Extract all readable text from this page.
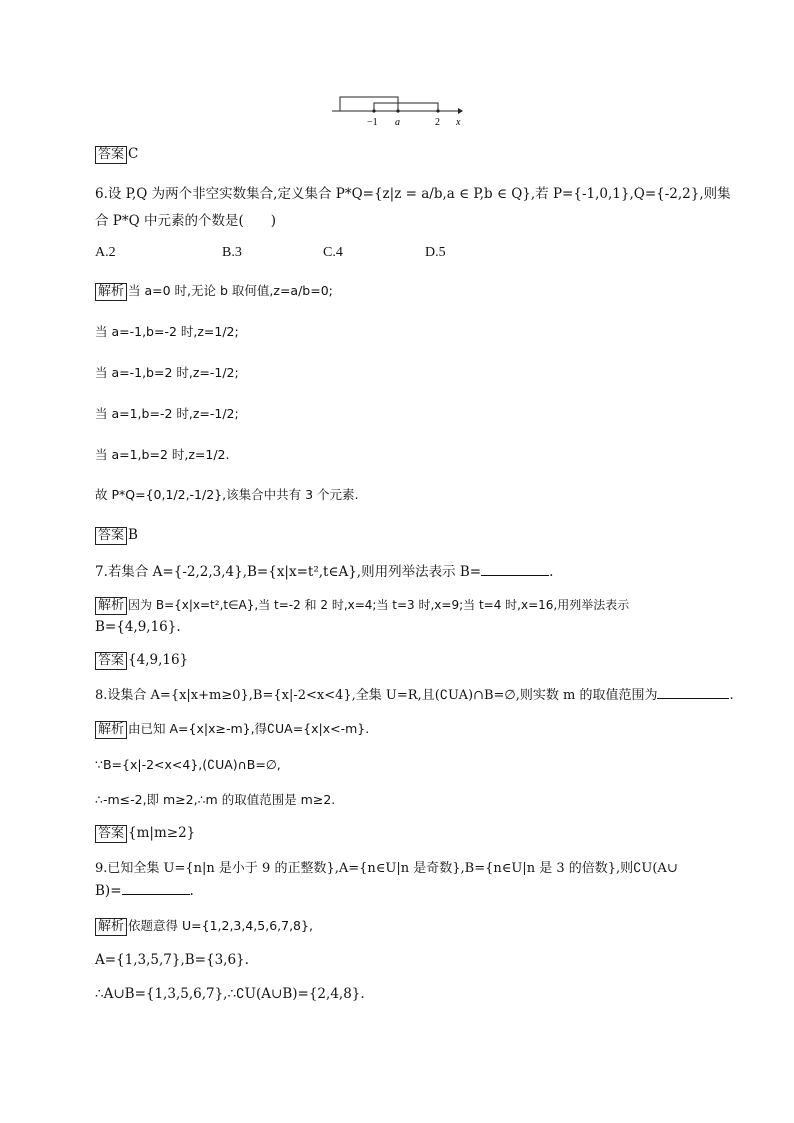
−1 a	2 x
答案 C
6.设 P,Q 为两个非空实数集合,定义集合 P*Q={z|z = a/b,a ∈ P,b ∈ Q},若 P={-1,0,1},Q={-2,2},则集
合 P*Q 中元素的个数是(　　)
A.2	B.3	C.4	D.5
解析 当 a=0 时,无论 b 取何值,z=a/b=0;
当 a=-1,b=-2 时,z=1/2;
当 a=-1,b=2 时,z=-1/2;
当 a=1,b=-2 时,z=-1/2;
当 a=1,b=2 时,z=1/2.
故 P*Q={0,1/2,-1/2},该集合中共有 3 个元素.
答案 B
7.若集合 A={-2,2,3,4},B={x|x=t²,t∈A},则用列举法表示 B=	.
解析 因为 B={x|x=t²,t∈A},当 t=-2 和 2 时,x=4;当 t=3 时,x=9;当 t=4 时,x=16,用列举法表示
B={4,9,16}.
答案 {4,9,16}
8.设集合 A={x|x+m≥0},B={x|-2<x<4},全集 U=R,且(∁UA)∩B=∅,则实数 m 的取值范围为	.
解析 由已知 A={x|x≥-m},得∁UA={x|x<-m}.
∵B={x|-2<x<4},(∁UA)∩B=∅,
∴-m≤-2,即 m≥2,∴m 的取值范围是 m≥2.
答案 {m|m≥2}
9.已知全集 U={n|n 是小于 9 的正整数},A={n∈U|n 是奇数},B={n∈U|n 是 3 的倍数},则∁U(A∪
B)=	.
解析 依题意得 U={1,2,3,4,5,6,7,8},
A={1,3,5,7},B={3,6}.
∴A∪B={1,3,5,6,7},∴∁U(A∪B)={2,4,8}.
